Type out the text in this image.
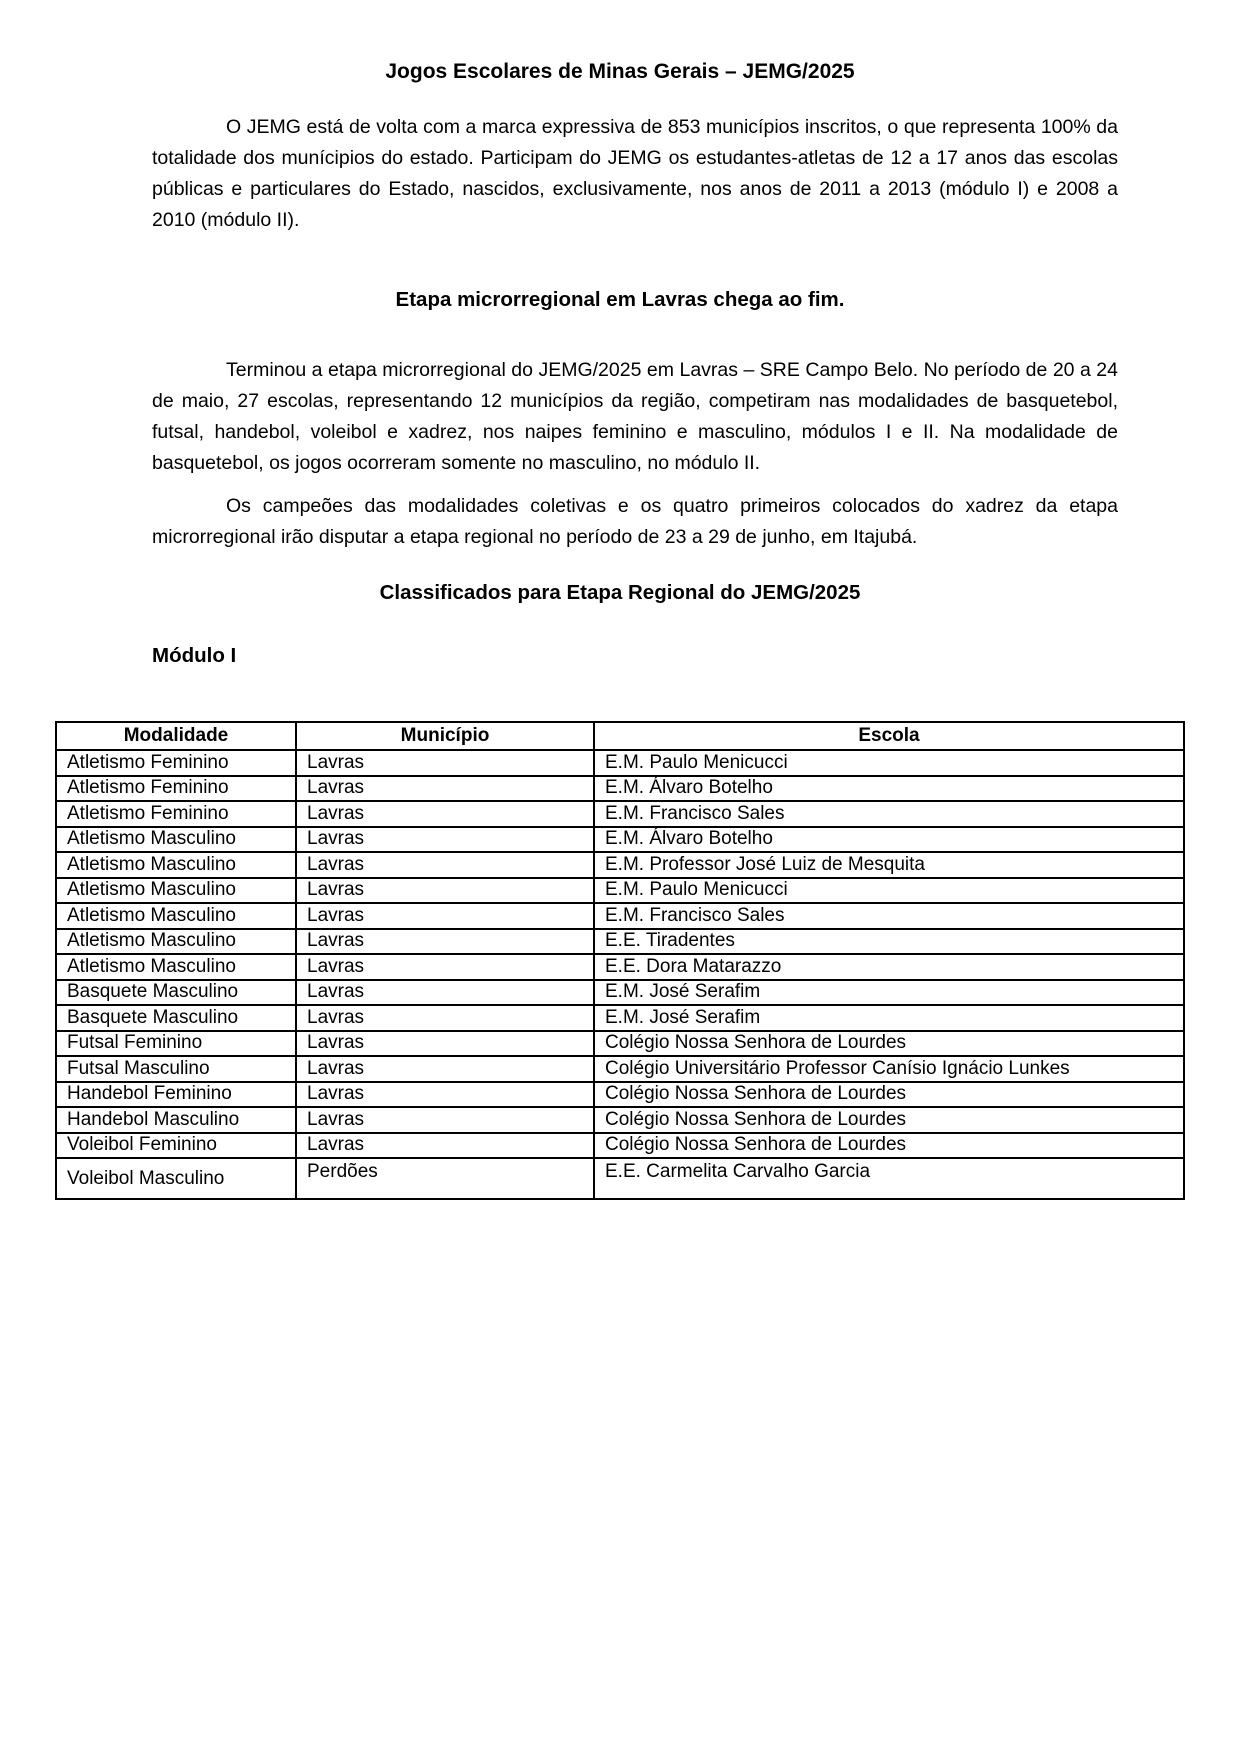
Jogos Escolares de Minas Gerais – JEMG/2025

O JEMG está de volta com a marca expressiva de 853 municípios inscritos, o que representa 100% da totalidade dos munícipios do estado. Participam do JEMG os estudantes-atletas de 12 a 17 anos das escolas públicas e particulares do Estado, nascidos, exclusivamente, nos anos de 2011 a 2013 (módulo I) e 2008 a 2010 (módulo II).

Etapa microrregional em Lavras chega ao fim.

Terminou a etapa microrregional do JEMG/2025 em Lavras – SRE Campo Belo. No período de 20 a 24 de maio, 27 escolas, representando 12 municípios da região, competiram nas modalidades de basquetebol, futsal, handebol, voleibol e xadrez, nos naipes feminino e masculino, módulos I e II. Na modalidade de basquetebol, os jogos ocorreram somente no masculino, no módulo II.

Os campeões das modalidades coletivas e os quatro primeiros colocados do xadrez da etapa microrregional irão disputar a etapa regional no período de 23 a 29 de junho, em Itajubá.

Classificados para Etapa Regional do JEMG/2025
Módulo I
Modalidade	Município	Escola
Atletismo Feminino	Lavras	E.M. Paulo Menicucci
Atletismo Feminino	Lavras	E.M. Álvaro Botelho
Atletismo Feminino	Lavras	E.M. Francisco Sales
Atletismo Masculino	Lavras	E.M. Álvaro Botelho
Atletismo Masculino	Lavras	E.M. Professor José Luiz de Mesquita
Atletismo Masculino	Lavras	E.M. Paulo Menicucci
Atletismo Masculino	Lavras	E.M. Francisco Sales
Atletismo Masculino	Lavras	E.E. Tiradentes
Atletismo Masculino	Lavras	E.E. Dora Matarazzo
Basquete Masculino	Lavras	E.M. José Serafim
Basquete Masculino	Lavras	E.M. José Serafim
Futsal Feminino	Lavras	Colégio Nossa Senhora de Lourdes
Futsal Masculino	Lavras	Colégio Universitário Professor Canísio Ignácio Lunkes
Handebol Feminino	Lavras	Colégio Nossa Senhora de Lourdes
Handebol Masculino	Lavras	Colégio Nossa Senhora de Lourdes
Voleibol Feminino	Lavras	Colégio Nossa Senhora de Lourdes
Voleibol Masculino	Perdões	E.E. Carmelita Carvalho Garcia
